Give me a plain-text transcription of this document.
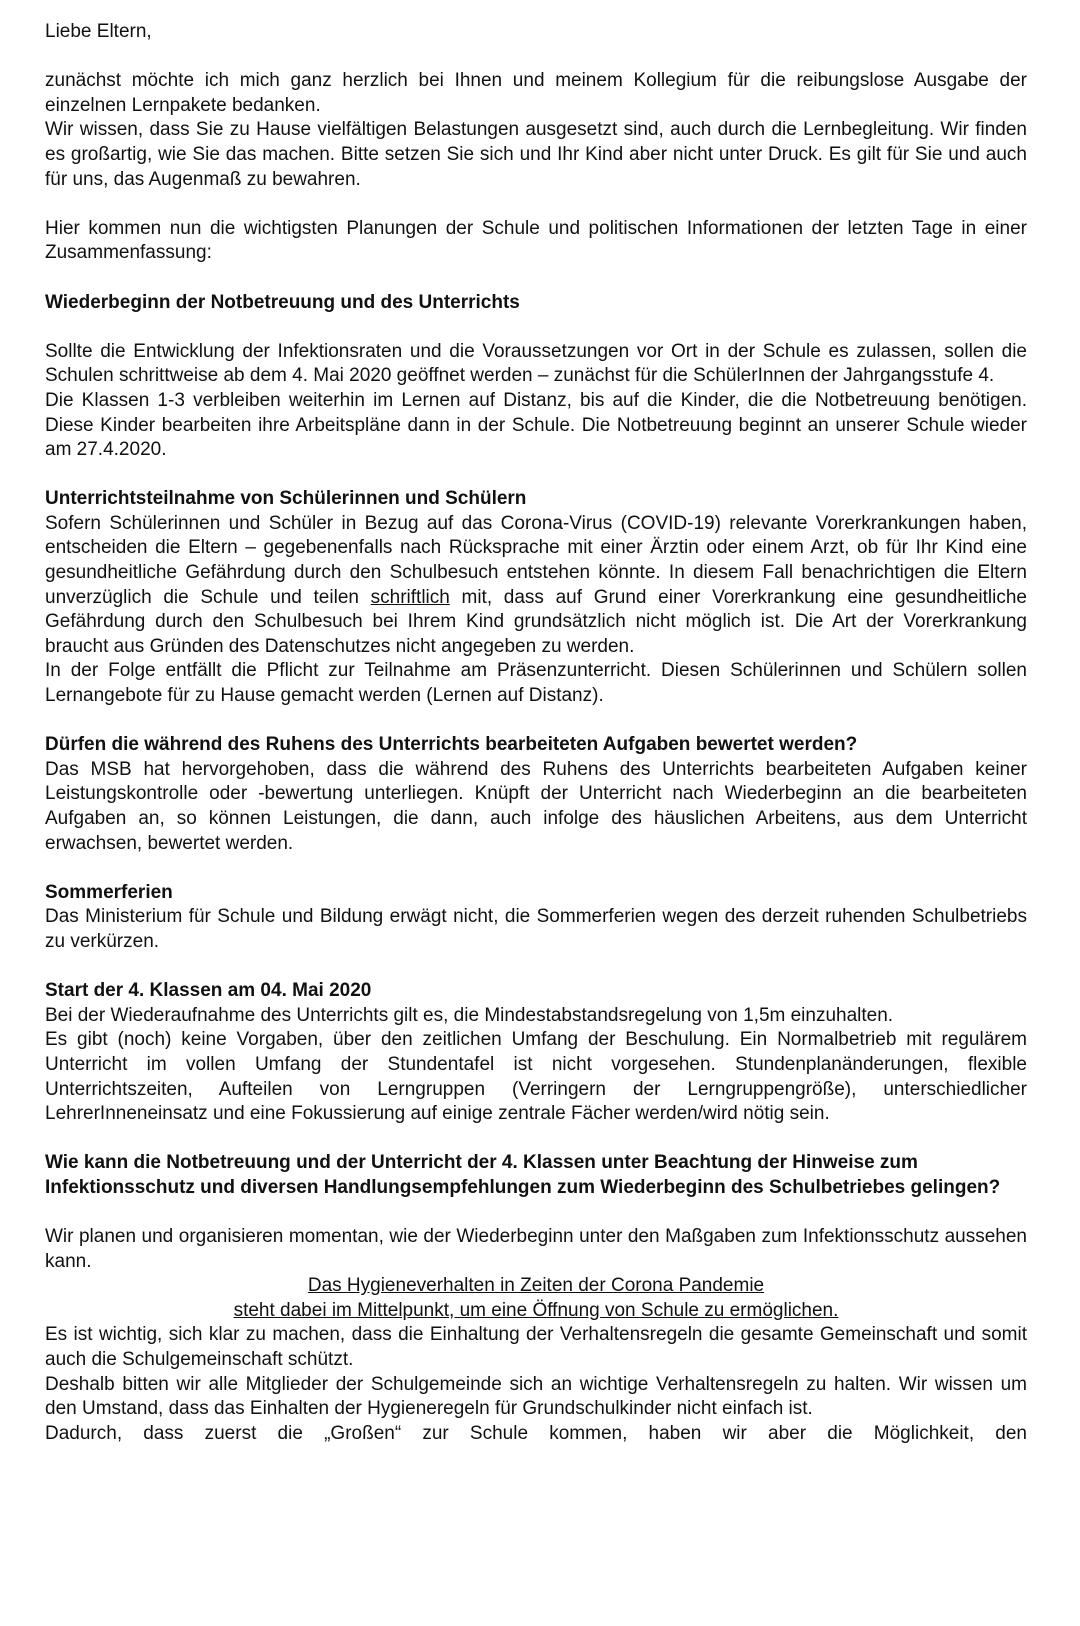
Liebe Eltern,

zunächst möchte ich mich ganz herzlich bei Ihnen und meinem Kollegium für die reibungslose Ausgabe der einzelnen Lernpakete bedanken.

Wir wissen, dass Sie zu Hause vielfältigen Belastungen ausgesetzt sind, auch durch die Lernbegleitung. Wir finden es großartig, wie Sie das machen. Bitte setzen Sie sich und Ihr Kind aber nicht unter Druck. Es gilt für Sie und auch für uns, das Augenmaß zu bewahren.

Hier kommen nun die wichtigsten Planungen der Schule und politischen Informationen der letzten Tage in einer Zusammenfassung:

Wiederbeginn der Notbetreuung und des Unterrichts

Sollte die Entwicklung der Infektionsraten und die Voraussetzungen vor Ort in der Schule es zulassen, sollen die Schulen schrittweise ab dem 4. Mai 2020 geöffnet werden – zunächst für die SchülerInnen der Jahrgangsstufe 4.

Die Klassen 1-3 verbleiben weiterhin im Lernen auf Distanz, bis auf die Kinder, die die Notbetreuung benötigen. Diese Kinder bearbeiten ihre Arbeitspläne dann in der Schule. Die Notbetreuung beginnt an unserer Schule wieder am 27.4.2020.

Unterrichtsteilnahme von Schülerinnen und Schülern

Sofern Schülerinnen und Schüler in Bezug auf das Corona-Virus (COVID-19) relevante Vorerkrankungen haben, entscheiden die Eltern – gegebenenfalls nach Rücksprache mit einer Ärztin oder einem Arzt, ob für Ihr Kind eine gesundheitliche Gefährdung durch den Schulbesuch entstehen könnte. In diesem Fall benachrichtigen die Eltern unverzüglich die Schule und teilen schriftlich mit, dass auf Grund einer Vorerkrankung eine gesundheitliche Gefährdung durch den Schulbesuch bei Ihrem Kind grundsätzlich nicht möglich ist. Die Art der Vorerkrankung braucht aus Gründen des Datenschutzes nicht angegeben zu werden.

In der Folge entfällt die Pflicht zur Teilnahme am Präsenzunterricht. Diesen Schülerinnen und Schülern sollen Lernangebote für zu Hause gemacht werden (Lernen auf Distanz).

Dürfen die während des Ruhens des Unterrichts bearbeiteten Aufgaben bewertet werden?

Das MSB hat hervorgehoben, dass die während des Ruhens des Unterrichts bearbeiteten Aufgaben keiner Leistungskontrolle oder -bewertung unterliegen. Knüpft der Unterricht nach Wiederbeginn an die bearbeiteten Aufgaben an, so können Leistungen, die dann, auch infolge des häuslichen Arbeitens, aus dem Unterricht erwachsen, bewertet werden.

Sommerferien

Das Ministerium für Schule und Bildung erwägt nicht, die Sommerferien wegen des derzeit ruhenden Schulbetriebs zu verkürzen.

Start der 4. Klassen am 04. Mai 2020

Bei der Wiederaufnahme des Unterrichts gilt es, die Mindestabstandsregelung von 1,5m einzuhalten.

Es gibt (noch) keine Vorgaben, über den zeitlichen Umfang der Beschulung. Ein Normalbetrieb mit regulärem Unterricht im vollen Umfang der Stundentafel ist nicht vorgesehen. Stundenplanänderungen, flexible Unterrichtszeiten, Aufteilen von Lerngruppen (Verringern der Lerngruppengröße), unterschiedlicher LehrerInneneinsatz und eine Fokussierung auf einige zentrale Fächer werden/wird nötig sein.

Wie kann die Notbetreuung und der Unterricht der 4. Klassen unter Beachtung der Hinweise zum Infektionsschutz und diversen Handlungsempfehlungen zum Wiederbeginn des Schulbetriebes gelingen?

Wir planen und organisieren momentan, wie der Wiederbeginn unter den Maßgaben zum Infektionsschutz aussehen kann.

Das Hygieneverhalten in Zeiten der Corona Pandemie

steht dabei im Mittelpunkt, um eine Öffnung von Schule zu ermöglichen.

Es ist wichtig, sich klar zu machen, dass die Einhaltung der Verhaltensregeln die gesamte Gemeinschaft und somit auch die Schulgemeinschaft schützt.

Deshalb bitten wir alle Mitglieder der Schulgemeinde sich an wichtige Verhaltensregeln zu halten. Wir wissen um den Umstand, dass das Einhalten der Hygieneregeln für Grundschulkinder nicht einfach ist.

Dadurch, dass zuerst die „Großen“ zur Schule kommen, haben wir aber die Möglichkeit, den
